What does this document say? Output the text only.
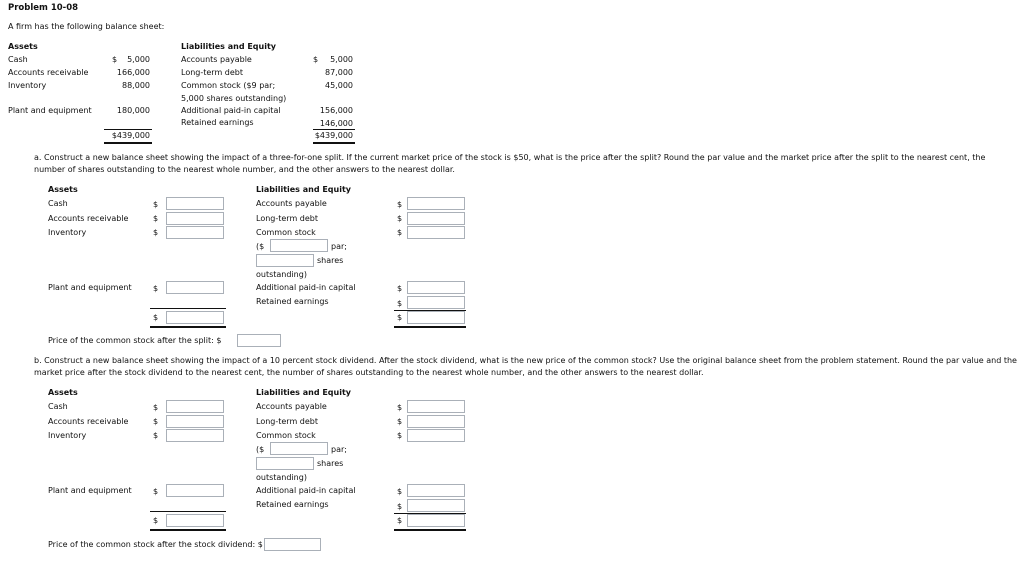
Problem 10-08
A firm has the following balance sheet:
Assets
Cash	$	5,000
Accounts receivable	166,000
Inventory	88,000
Plant and equipment	180,000
$439,000
Liabilities and Equity
Accounts payable	$	5,000
Long-term debt	87,000
Common stock ($9 par;	45,000
5,000 shares outstanding)
Additional paid-in capital	156,000
Retained earnings	146,000
$439,000
a. Construct a new balance sheet showing the impact of a three-for-one split. If the current market price of the stock is $50, what is the price after the split? Round the par value and the market price after the split to the nearest cent, the number of shares outstanding to the nearest whole number, and the other answers to the nearest dollar.
Assets
Cash	$
Accounts receivable	$
Inventory	$
Plant and equipment	$
$
Liabilities and Equity
Accounts payable	$
Long-term debt	$
Common stock	$
($	par;
shares
outstanding)
Additional paid-in capital	$
Retained earnings	$
$
Price of the common stock after the split: $
b. Construct a new balance sheet showing the impact of a 10 percent stock dividend. After the stock dividend, what is the new price of the common stock? Use the original balance sheet from the problem statement. Round the par value and the market price after the stock dividend to the nearest cent, the number of shares outstanding to the nearest whole number, and the other answers to the nearest dollar.
Assets
Cash	$
Accounts receivable	$
Inventory	$
Plant and equipment	$
$
Liabilities and Equity
Accounts payable	$
Long-term debt	$
Common stock	$
($	par;
shares
outstanding)
Additional paid-in capital	$
Retained earnings	$
$
Price of the common stock after the stock dividend: $
